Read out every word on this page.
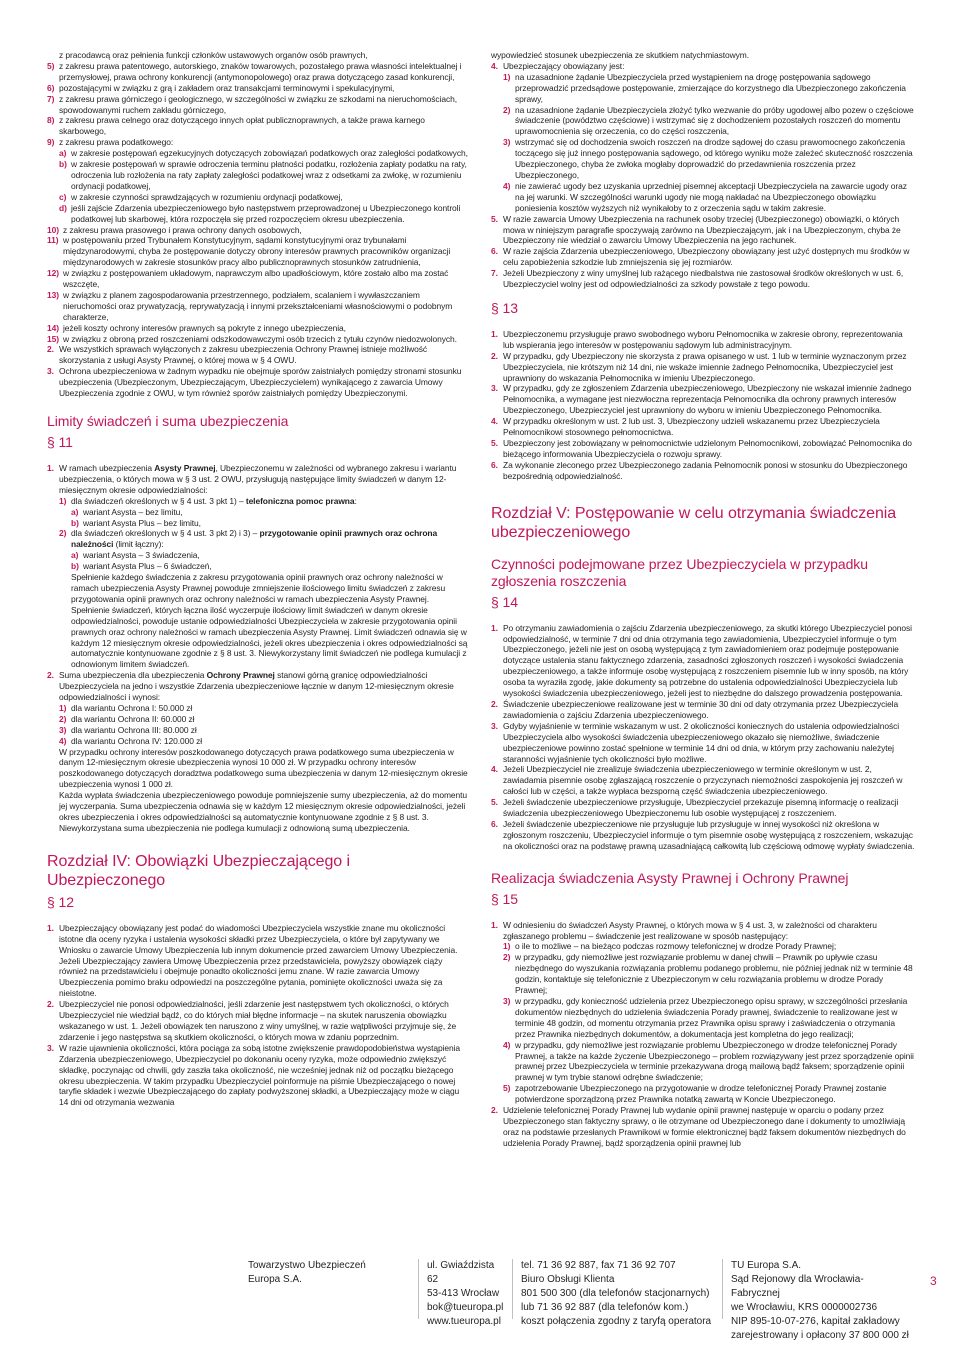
z pracodawcą oraz pełnienia funkcji członków ustawowych organów osób prawnych,
5) z zakresu prawa patentowego, autorskiego, znaków towarowych, pozostałego prawa własności intelektualnej i przemysłowej, prawa ochrony konkurencji (antymonopolowego) oraz prawa dotyczącego zasad konkurencji,
6) pozostającymi w związku z grą i zakładem oraz transakcjami terminowymi i spekulacyjnymi,
7) z zakresu prawa górniczego i geologicznego, w szczególności w związku ze szkodami na nieruchomościach, spowodowanymi ruchem zakładu górniczego,
8) z zakresu prawa celnego oraz dotyczącego innych opłat publicznoprawnych, a także prawa karnego skarbowego,
9) z zakresu prawa podatkowego:
a) w zakresie postępowań egzekucyjnych dotyczących zobowiązań podatkowych oraz zaległości podatkowych,
b) w zakresie postępowań w sprawie odroczenia terminu płatności podatku, rozłożenia zapłaty podatku na raty, odroczenia lub rozłożenia na raty zapłaty zaległości podatkowej wraz z odsetkami za zwłokę, w rozumieniu ordynacji podatkowej,
c) w zakresie czynności sprawdzających w rozumieniu ordynacji podatkowej,
d) jeśli zajście Zdarzenia ubezpieczeniowego było następstwem przeprowadzonej u Ubezpieczonego kontroli podatkowej lub skarbowej, która rozpoczęła się przed rozpoczęciem okresu ubezpieczenia.
10) z zakresu prawa prasowego i prawa ochrony danych osobowych,
11) w postępowaniu przed Trybunałem Konstytucyjnym, sądami konstytucyjnymi oraz trybunałami międzynarodowymi, chyba że postępowanie dotyczy obrony interesów prawnych pracowników organizacji międzynarodowych w zakresie stosunków pracy albo publicznoprawnych stosunków zatrudnienia,
12) w związku z postępowaniem układowym, naprawczym albo upadłościowym, które zostało albo ma zostać wszczęte,
13) w związku z planem zagospodarowania przestrzennego, podziałem, scalaniem i wywłaszczaniem nieruchomości oraz prywatyzacją, reprywatyzacją i innymi przekształceniami własnościowymi o podobnym charakterze,
14) jeżeli koszty ochrony interesów prawnych są pokryte z innego ubezpieczenia,
15) w związku z obroną przed roszczeniami odszkodowawczymi osób trzecich z tytułu czynów niedozwolonych.
2. We wszystkich sprawach wyłączonych z zakresu ubezpieczenia Ochrony Prawnej istnieje możliwość skorzystania z usługi Asysty Prawnej, o której mowa w § 4 OWU.
3. Ochrona ubezpieczeniowa w żadnym wypadku nie obejmuje sporów zaistniałych pomiędzy stronami stosunku ubezpieczenia (Ubezpieczonym, Ubezpieczającym, Ubezpieczycielem) wynikającego z zawarcia Umowy Ubezpieczenia zgodnie z OWU, w tym również sporów zaistniałych pomiędzy Ubezpieczonymi.
Limity świadczeń i suma ubezpieczenia
§ 11
1. W ramach ubezpieczenia Asysty Prawnej, Ubezpieczonemu w zależności od wybranego zakresu i wariantu ubezpieczenia, o których mowa w § 3 ust. 2 OWU, przysługują następujące limity świadczeń w danym 12-miesięcznym okresie odpowiedzialności:
1) dla świadczeń określonych w § 4 ust. 3 pkt 1) – telefoniczna pomoc prawna:
a) wariant Asysta – bez limitu,
b) wariant Asysta Plus – bez limitu,
2) dla świadczeń określonych w § 4 ust. 3 pkt 2) i 3) – przygotowanie opinii prawnych oraz ochrona należności (limit łączny):
a) wariant Asysta – 3 świadczenia,
b) wariant Asysta Plus – 6 świadczeń,

Spełnienie każdego świadczenia z zakresu przygotowania opinii prawnych oraz ochrony należności w ramach ubezpieczenia Asysty Prawnej powoduje zmniejszenie ilościowego limitu świadczeń z zakresu przygotowania opinii prawnych oraz ochrony należności w ramach ubezpieczenia Asysty Prawnej. Spełnienie świadczeń, których łączna ilość wyczerpuje ilościowy limit świadczeń w danym okresie odpowiedzialności, powoduje ustanie odpowiedzialności Ubezpieczyciela w zakresie przygotowania opinii prawnych oraz ochrony należności w ramach ubezpieczenia Asysty Prawnej. Limit świadczeń odnawia się w każdym 12 miesięcznym okresie odpowiedzialności, jeżeli okres ubezpieczenia i okres odpowiedzialności są automatycznie kontynuowane zgodnie z § 8 ust. 3. Niewykorzystany limit świadczeń nie podlega kumulacji z odnowionym limitem świadczeń.

2. Suma ubezpieczenia dla ubezpieczenia Ochrony Prawnej stanowi górną granicę odpowiedzialności Ubezpieczyciela na jedno i wszystkie Zdarzenia ubezpieczeniowe łącznie w danym 12-miesięcznym okresie odpowiedzialności i wynosi:
1) dla wariantu Ochrona I: 50.000 zł
2) dla wariantu Ochrona II: 60.000 zł
3) dla wariantu Ochrona III: 80.000 zł
4) dla wariantu Ochrona IV: 120.000 zł

W przypadku ochrony interesów poszkodowanego dotyczących prawa podatkowego suma ubezpieczenia w danym 12-miesięcznym okresie ubezpieczenia wynosi 10 000 zł. W przypadku ochrony interesów poszkodowanego dotyczących doradztwa podatkowego suma ubezpieczenia w danym 12-miesięcznym okresie ubezpieczenia wynosi 1 000 zł.

Każda wypłata świadczenia ubezpieczeniowego powoduje pomniejszenie sumy ubezpieczenia, aż do momentu jej wyczerpania. Suma ubezpieczenia odnawia się w każdym 12 miesięcznym okresie odpowiedzialności, jeżeli okres ubezpieczenia i okres odpowiedzialności są automatycznie kontynuowane zgodnie z § 8 ust. 3. Niewykorzystana suma ubezpieczenia nie podlega kumulacji z odnowioną sumą ubezpieczenia.

Rozdział IV: Obowiązki Ubezpieczającego i Ubezpieczonego
§ 12
1. Ubezpieczający obowiązany jest podać do wiadomości Ubezpieczyciela wszystkie znane mu okoliczności istotne dla oceny ryzyka i ustalenia wysokości składki przez Ubezpieczyciela, o które był zapytywany we Wniosku o zawarcie Umowy Ubezpieczenia lub innym dokumencie przed zawarciem Umowy Ubezpieczenia. Jeżeli Ubezpieczający zawiera Umowę Ubezpieczenia przez przedstawiciela, powyższy obowiązek ciąży również na przedstawicielu i obejmuje ponadto okoliczności jemu znane. W razie zawarcia Umowy Ubezpieczenia pomimo braku odpowiedzi na poszczególne pytania, pominięte okoliczności uważa się za nieistotne.
2. Ubezpieczyciel nie ponosi odpowiedzialności, jeśli zdarzenie jest następstwem tych okoliczności, o których Ubezpieczyciel nie wiedział bądź, co do których miał błędne informacje – na skutek naruszenia obowiązku wskazanego w ust. 1. Jeżeli obowiązek ten naruszono z winy umyślnej, w razie wątpliwości przyjmuje się, że zdarzenie i jego następstwa są skutkiem okoliczności, o których mowa w zdaniu poprzednim.
3. W razie ujawnienia okoliczności, która pociąga za sobą istotne zwiększenie prawdopodobieństwa wystąpienia Zdarzenia ubezpieczeniowego, Ubezpieczyciel po dokonaniu oceny ryzyka, może odpowiednio zwiększyć składkę, poczynając od chwili, gdy zaszła taka okoliczność, nie wcześniej jednak niż od początku bieżącego okresu ubezpieczenia. W takim przypadku Ubezpieczyciel poinformuje na piśmie Ubezpieczającego o nowej taryfie składek i wezwie Ubezpieczającego do zapłaty podwyższonej składki, a Ubezpieczający może w ciągu 14 dni od otrzymania wezwania

wypowiedzieć stosunek ubezpieczenia ze skutkiem natychmiastowym.

4. Ubezpieczający obowiązany jest:
1) na uzasadnione żądanie Ubezpieczyciela przed wystąpieniem na drogę postępowania sądowego przeprowadzić przedsądowe postępowanie, zmierzające do korzystnego dla Ubezpieczonego zakończenia sprawy,
2) na uzasadnione żądanie Ubezpieczyciela złożyć tylko wezwanie do próby ugodowej albo pozew o częściowe świadczenie (powództwo częściowe) i wstrzymać się z dochodzeniem pozostałych roszczeń do momentu uprawomocnienia się orzeczenia, co do części roszczenia,
3) wstrzymać się od dochodzenia swoich roszczeń na drodze sądowej do czasu prawomocnego zakończenia toczącego się już innego postępowania sądowego, od którego wyniku może zależeć skuteczność roszczenia Ubezpieczonego, chyba że zwłoka mogłaby doprowadzić do przedawnienia roszczenia przez Ubezpieczonego,
4) nie zawierać ugody bez uzyskania uprzedniej pisemnej akceptacji Ubezpieczyciela na zawarcie ugody oraz na jej warunki. W szczególności warunki ugody nie mogą nakładać na Ubezpieczonego obowiązku poniesienia kosztów wyższych niż wynikałoby to z orzeczenia sądu w takim zakresie.
5. W razie zawarcia Umowy Ubezpieczenia na rachunek osoby trzeciej (Ubezpieczonego) obowiązki, o których mowa w niniejszym paragrafie spoczywają zarówno na Ubezpieczającym, jak i na Ubezpieczonym, chyba że Ubezpieczony nie wiedział o zawarciu Umowy Ubezpieczenia na jego rachunek.
6. W razie zajścia Zdarzenia ubezpieczeniowego, Ubezpieczony obowiązany jest użyć dostępnych mu środków w celu zapobieżenia szkodzie lub zmniejszenia się jej rozmiarów.
7. Jeżeli Ubezpieczony z winy umyślnej lub rażącego niedbalstwa nie zastosował środków określonych w ust. 6, Ubezpieczyciel wolny jest od odpowiedzialności za szkody powstałe z tego powodu.
§ 13
1. Ubezpieczonemu przysługuje prawo swobodnego wyboru Pełnomocnika w zakresie obrony, reprezentowania lub wspierania jego interesów w postępowaniu sądowym lub administracyjnym.
2. W przypadku, gdy Ubezpieczony nie skorzysta z prawa opisanego w ust. 1 lub w terminie wyznaczonym przez Ubezpieczyciela, nie krótszym niż 14 dni, nie wskaże imiennie żadnego Pełnomocnika, Ubezpieczyciel jest uprawniony do wskazania Pełnomocnika w imieniu Ubezpieczonego.
3. W przypadku, gdy ze zgłoszeniem Zdarzenia ubezpieczeniowego, Ubezpieczony nie wskazał imiennie żadnego Pełnomocnika, a wymagane jest niezwłoczna reprezentacja Pełnomocnika dla ochrony prawnych interesów Ubezpieczonego, Ubezpieczyciel jest uprawniony do wyboru w imieniu Ubezpieczonego Pełnomocnika.
4. W przypadku określonym w ust. 2 lub ust. 3, Ubezpieczony udzieli wskazanemu przez Ubezpieczyciela Pełnomocnikowi stosownego pełnomocnictwa.
5. Ubezpieczony jest zobowiązany w pełnomocnictwie udzielonym Pełnomocnikowi, zobowiązać Pełnomocnika do bieżącego informowania Ubezpieczyciela o rozwoju sprawy.
6. Za wykonanie zleconego przez Ubezpieczonego zadania Pełnomocnik ponosi w stosunku do Ubezpieczonego bezpośrednią odpowiedzialność.
Rozdział V: Postępowanie w celu otrzymania świadczenia ubezpieczeniowego
Czynności podejmowane przez Ubezpieczyciela w przypadku zgłoszenia roszczenia
§ 14
1. Po otrzymaniu zawiadomienia o zajściu Zdarzenia ubezpieczeniowego, za skutki którego Ubezpieczyciel ponosi odpowiedzialność, w terminie 7 dni od dnia otrzymania tego zawiadomienia, Ubezpieczyciel informuje o tym Ubezpieczonego, jeżeli nie jest on osobą występującą z tym zawiadomieniem oraz podejmuje postępowanie dotyczące ustalenia stanu faktycznego zdarzenia, zasadności zgłoszonych roszczeń i wysokości świadczenia ubezpieczeniowego, a także informuje osobę występującą z roszczeniem pisemnie lub w inny sposób, na który osoba ta wyraziła zgodę, jakie dokumenty są potrzebne do ustalenia odpowiedzialności Ubezpieczyciela lub wysokości świadczenia ubezpieczeniowego, jeżeli jest to niezbędne do dalszego prowadzenia postępowania.
2. Świadczenie ubezpieczeniowe realizowane jest w terminie 30 dni od daty otrzymania przez Ubezpieczyciela zawiadomienia o zajściu Zdarzenia ubezpieczeniowego.
3. Gdyby wyjaśnienie w terminie wskazanym w ust. 2 okoliczności koniecznych do ustalenia odpowiedzialności Ubezpieczyciela albo wysokości świadczenia ubezpieczeniowego okazało się niemożliwe, świadczenie ubezpieczeniowe powinno zostać spełnione w terminie 14 dni od dnia, w którym przy zachowaniu należytej staranności wyjaśnienie tych okoliczności było możliwe.
4. Jeżeli Ubezpieczyciel nie zrealizuje świadczenia ubezpieczeniowego w terminie określonym w ust. 2, zawiadamia pisemnie osobę zgłaszającą roszczenie o przyczynach niemożności zaspokojenia jej roszczeń w całości lub w części, a także wypłaca bezsporną część świadczenia ubezpieczeniowego.
5. Jeżeli świadczenie ubezpieczeniowe przysługuje, Ubezpieczyciel przekazuje pisemną informację o realizacji świadczenia ubezpieczeniowego Ubezpieczonemu lub osobie występującej z roszczeniem.
6. Jeżeli świadczenie ubezpieczeniowe nie przysługuje lub przysługuje w innej wysokości niż określona w zgłoszonym roszczeniu, Ubezpieczyciel informuje o tym pisemnie osobę występującą z roszczeniem, wskazując na okoliczności oraz na podstawę prawną uzasadniającą całkowitą lub częściową odmowę wypłaty świadczenia.
Realizacja świadczenia Asysty Prawnej i Ochrony Prawnej
§ 15
1. W odniesieniu do świadczeń Asysty Prawnej, o których mowa w § 4 ust. 3, w zależności od charakteru zgłaszanego problemu – świadczenie jest realizowane w sposób następujący:
1) o ile to możliwe – na bieżąco podczas rozmowy telefonicznej w drodze Porady Prawnej;
2) w przypadku, gdy niemożliwe jest rozwiązanie problemu w danej chwili – Prawnik po upływie czasu niezbędnego do wyszukania rozwiązania problemu podanego problemu, nie później jednak niż w terminie 48 godzin, kontaktuje się telefonicznie z Ubezpieczonym w celu rozwiązania problemu w drodze Porady Prawnej;
3) w przypadku, gdy konieczność udzielenia przez Ubezpieczonego opisu sprawy, w szczególności przesłania dokumentów niezbędnych do udzielenia świadczenia Porady prawnej, świadczenie to realizowane jest w terminie 48 godzin, od momentu otrzymania przez Prawnika opisu sprawy i zaświadczenia o otrzymania przez Prawnika niezbędnych dokumentów, a dokumentacja jest kompletna do jego realizacji;
4) w przypadku, gdy niemożliwe jest rozwiązanie problemu Ubezpieczonego w drodze telefonicznej Porady Prawnej, a także na każde życzenie Ubezpieczonego – problem rozwiązywany jest przez sporządzenie opinii prawnej przez Ubezpieczyciela w terminie przekazywana drogą mailową bądź faksem; sporządzenie opinii prawnej w tym trybie stanowi odrębne świadczenie;
5) zapotrzebowanie Ubezpieczonego na przygotowanie w drodze telefonicznej Porady Prawnej zostanie potwierdzone sporządzoną przez Prawnika notatką zawartą w Koncie Ubezpieczonego.
2. Udzielenie telefonicznej Porady Prawnej lub wydanie opinii prawnej następuje w oparciu o podany przez Ubezpieczonego stan faktyczny sprawy, o ile otrzymane od Ubezpieczonego dane i dokumenty to umożliwiają oraz na podstawie przesłanych Prawnikowi w formie elektronicznej bądź faksem dokumentów niezbędnych do udzielenia Porady Prawnej, bądź sporządzenia opinii prawnej lub
Towarzystwo Ubezpieczeń
Europa S.A.
ul. Gwiaździsta 62
53-413 Wrocław
bok@tueuropa.pl
www.tueuropa.pl
tel. 71 36 92 887, fax 71 36 92 707
Biuro Obsługi Klienta
801 500 300 (dla telefonów stacjonarnych)
lub 71 36 92 887 (dla telefonów kom.)
koszt połączenia zgodny z taryfą operatora
TU Europa S.A.
Sąd Rejonowy dla Wrocławia-Fabrycznej
we Wrocławiu, KRS 0000002736
NIP 895-10-07-276, kapitał zakładowy
zarejestrowany i opłacony 37 800 000 zł
3
